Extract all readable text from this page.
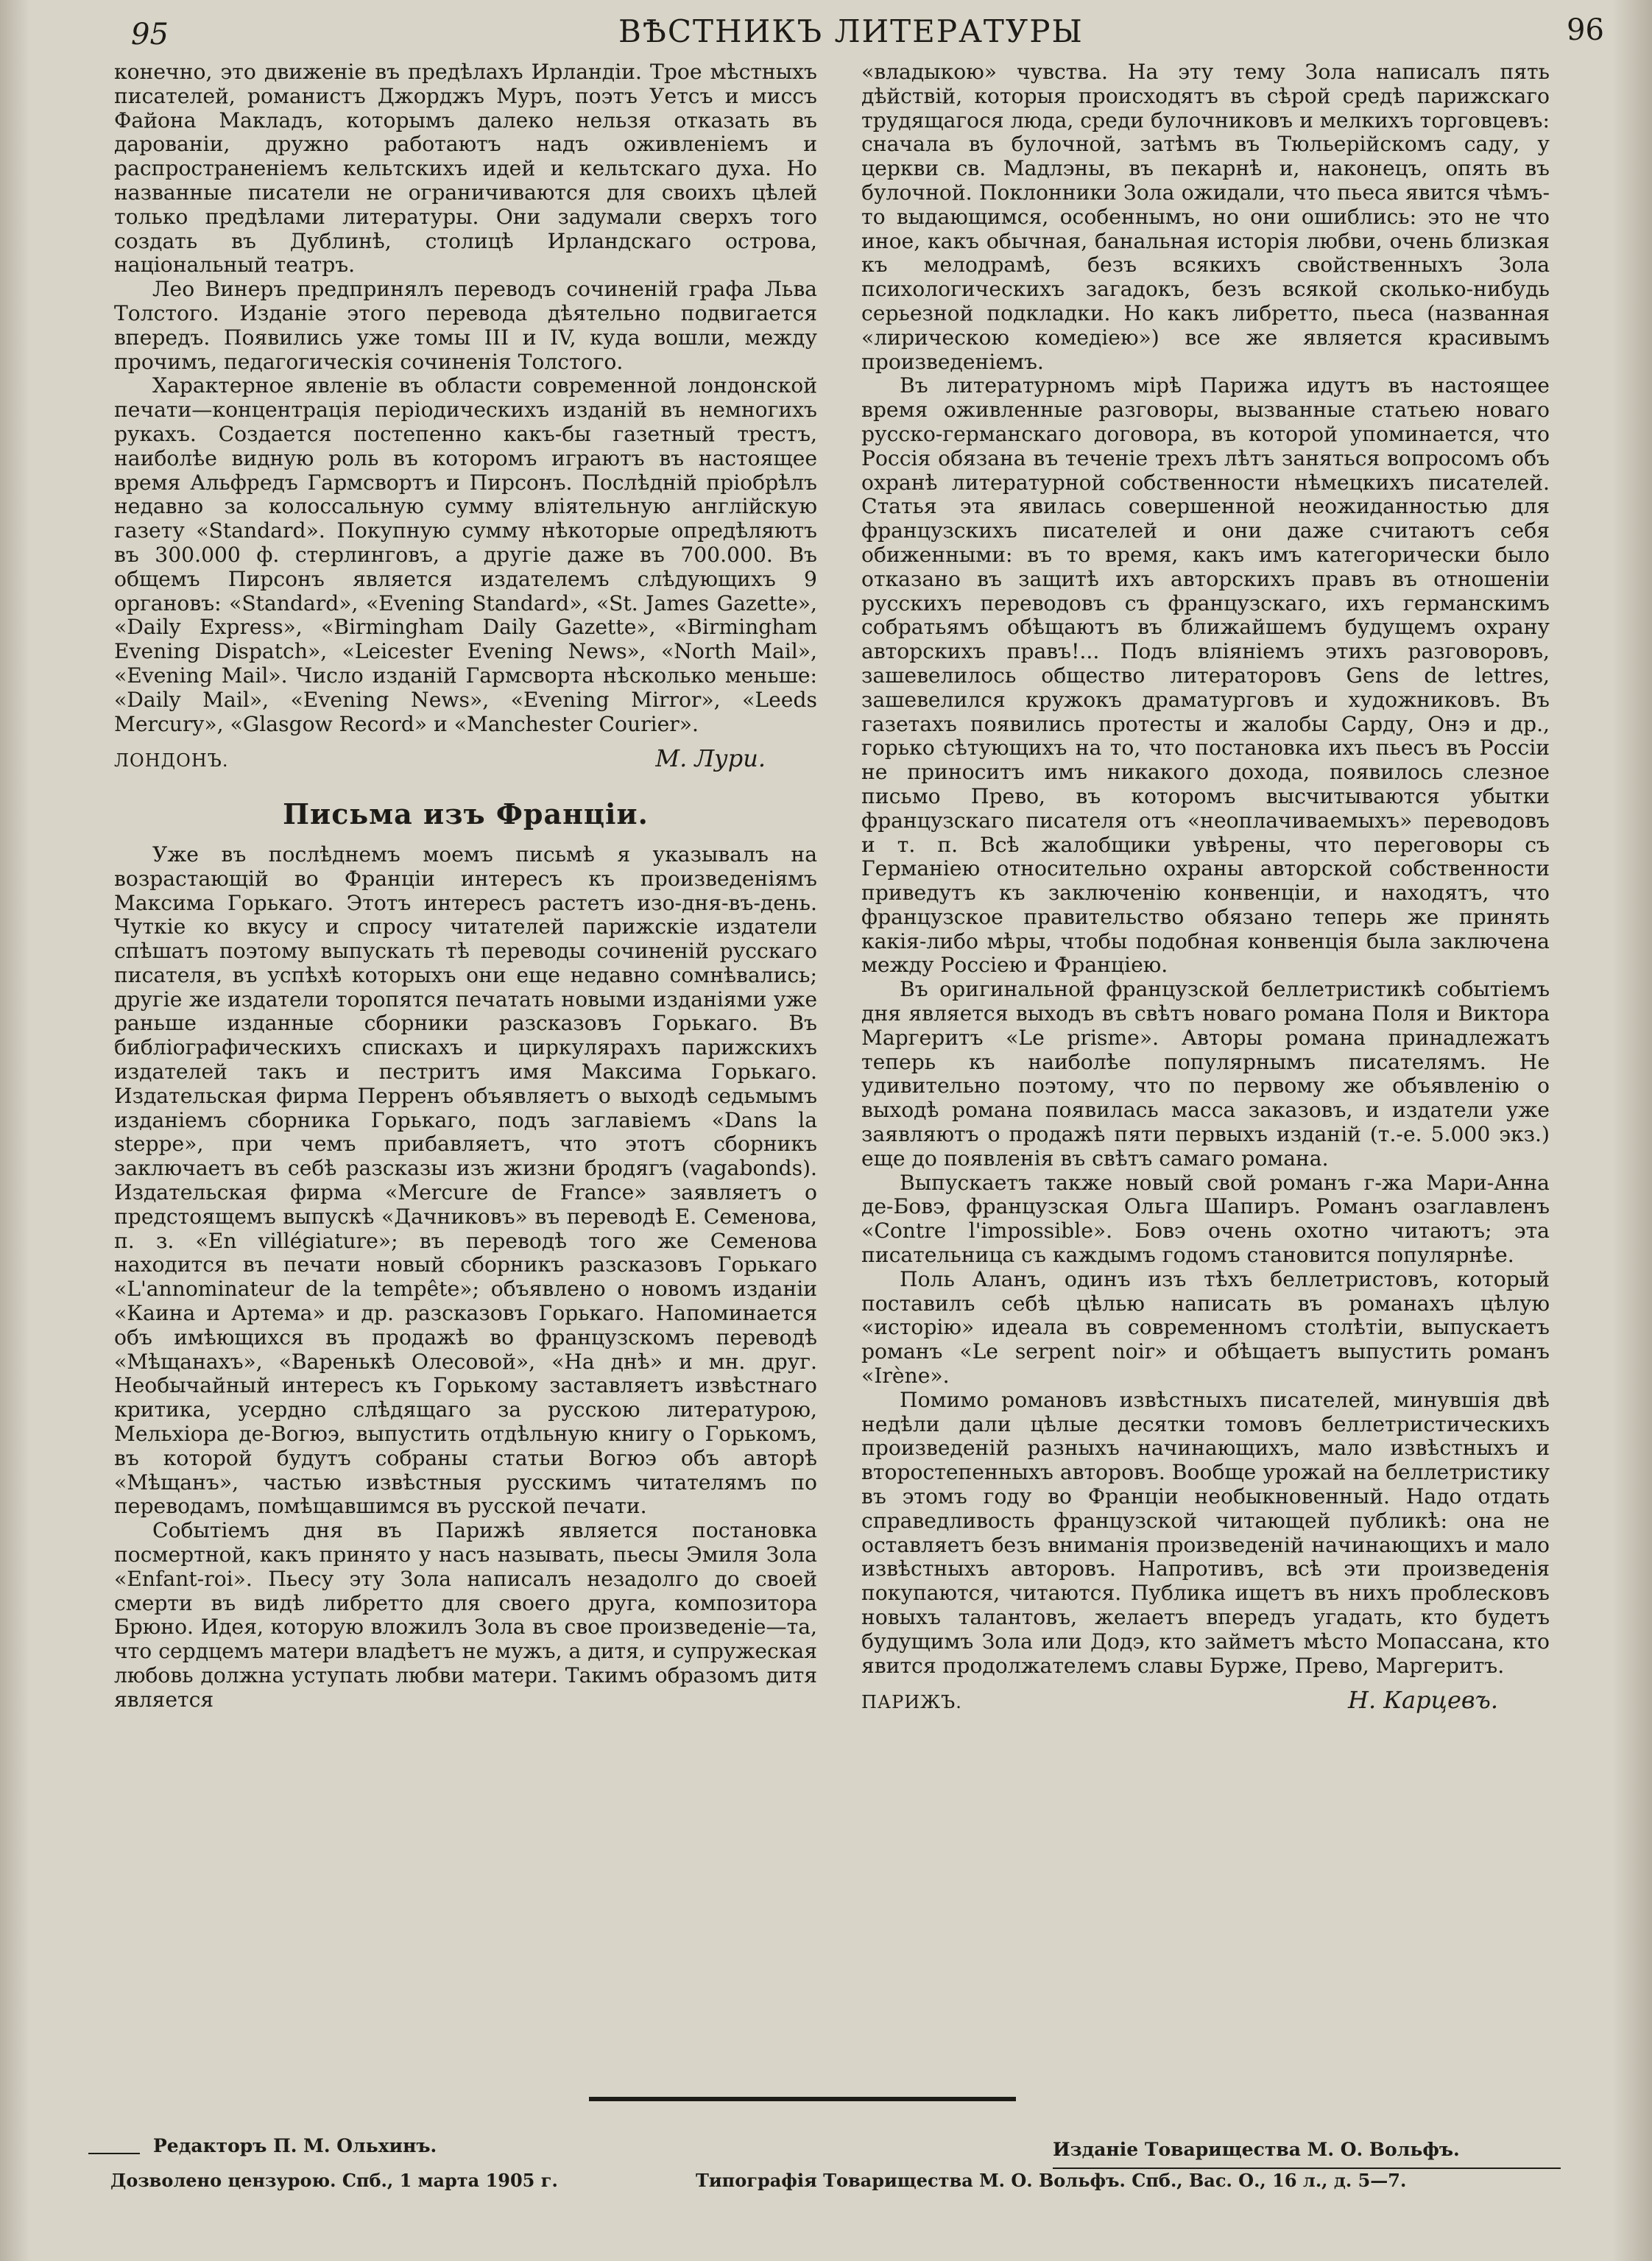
95	ВѢСТНИКЪ ЛИТЕРАТУРЫ	96

конечно, это движеніе въ предѣлахъ Ирландіи. Трое мѣстныхъ писателей, романистъ Джорджъ Муръ, поэтъ Уетсъ и миссъ Файона Макладъ, которымъ далеко нельзя отказать въ дарованіи, дружно работаютъ надъ оживленіемъ и распространеніемъ кельтскихъ идей и кельтскаго духа. Но названные писатели не ограничиваются для своихъ цѣлей только предѣлами литературы. Они задумали сверхъ того создать въ Дублинѣ, столицѣ Ирландскаго острова, національный театръ.

Лео Винеръ предпринялъ переводъ сочиненій графа Льва Толстого. Изданіе этого перевода дѣятельно подвигается впередъ. Появились уже томы III и IV, куда вошли, между прочимъ, педагогическія сочиненія Толстого.

Характерное явленіе въ области современной лондонской печати—концентрація періодическихъ изданій въ немногихъ рукахъ. Создается постепенно какъ-бы газетный трестъ, наиболѣе видную роль въ которомъ играютъ въ настоящее время Альфредъ Гармсвортъ и Пирсонъ. Послѣдній пріобрѣлъ недавно за колоссальную сумму вліятельную англійскую газету «Standard». Покупную сумму нѣкоторые опредѣляютъ въ 300.000 ф. стерлинговъ, а другіе даже въ 700.000. Въ общемъ Пирсонъ является издателемъ слѣдующихъ 9 органовъ: «Standard», «Evening Standard», «St. James Gazette», «Daily Express», «Birmingham Daily Gazette», «Birmingham Evening Dispatch», «Leicester Evening News», «North Mail», «Evening Mail». Число изданій Гармсворта нѣсколько меньше: «Daily Mail», «Evening News», «Evening Mirror», «Leeds Mercury», «Glasgow Record» и «Manchester Courier».

ЛОНДОНЪ.	М. Лури.
Письма изъ Франціи.

Уже въ послѣднемъ моемъ письмѣ я указывалъ на возрастающій во Франціи интересъ къ произведеніямъ Максима Горькаго. Этотъ интересъ растетъ изо-дня-въ-день. Чуткіе ко вкусу и спросу читателей парижскіе издатели спѣшатъ поэтому выпускать тѣ переводы сочиненій русскаго писателя, въ успѣхѣ которыхъ они еще недавно сомнѣвались; другіе же издатели торопятся печатать новыми изданіями уже раньше изданные сборники разсказовъ Горькаго. Въ библіографическихъ спискахъ и циркулярахъ парижскихъ издателей такъ и пестритъ имя Максима Горькаго. Издательская фирма Перренъ объявляетъ о выходѣ седьмымъ изданіемъ сборника Горькаго, подъ заглавіемъ «Dans la steppe», при чемъ прибавляетъ, что этотъ сборникъ заключаетъ въ себѣ разсказы изъ жизни бродягъ (vagabonds). Издательская фирма «Mercure de France» заявляетъ о предстоящемъ выпускѣ «Дачниковъ» въ переводѣ Е. Семенова, п. з. «En villégiature»; въ переводѣ того же Семенова находится въ печати новый сборникъ разсказовъ Горькаго «L'annominateur de la tempête»; объявлено о новомъ изданіи «Каина и Артема» и др. разсказовъ Горькаго. Напоминается объ имѣющихся въ продажѣ во французскомъ переводѣ «Мѣщанахъ», «Варенькѣ Олесовой», «На днѣ» и мн. друг. Необычайный интересъ къ Горькому заставляетъ извѣстнаго критика, усердно слѣдящаго за русскою литературою, Мельхіора де-Вогюэ, выпустить отдѣльную книгу о Горькомъ, въ которой будутъ собраны статьи Вогюэ объ авторѣ «Мѣщанъ», частью извѣстныя русскимъ читателямъ по переводамъ, помѣщавшимся въ русской печати.

Событіемъ дня въ Парижѣ является постановка посмертной, какъ принято у насъ называть, пьесы Эмиля Зола «Enfant-roi». Пьесу эту Зола написалъ незадолго до своей смерти въ видѣ либретто для своего друга, композитора Брюно. Идея, которую вложилъ Зола въ свое произведеніе—та, что сердцемъ матери владѣетъ не мужъ, а дитя, и супружеская любовь должна уступать любви матери. Такимъ образомъ дитя является

«владыкою» чувства. На эту тему Зола написалъ пять дѣйствій, которыя происходятъ въ сѣрой средѣ парижскаго трудящагося люда, среди булочниковъ и мелкихъ торговцевъ: сначала въ булочной, затѣмъ въ Тюльерійскомъ саду, у церкви св. Мадлэны, въ пекарнѣ и, наконецъ, опять въ булочной. Поклонники Зола ожидали, что пьеса явится чѣмъ-то выдающимся, особеннымъ, но они ошиблись: это не что иное, какъ обычная, банальная исторія любви, очень близкая къ мелодрамѣ, безъ всякихъ свойственныхъ Зола психологическихъ загадокъ, безъ всякой сколько-нибудь серьезной подкладки. Но какъ либретто, пьеса (названная «лирическою комедіею») все же является красивымъ произведеніемъ.

Въ литературномъ мірѣ Парижа идутъ въ настоящее время оживленные разговоры, вызванные статьею новаго русско-германскаго договора, въ которой упоминается, что Россія обязана въ теченіе трехъ лѣтъ заняться вопросомъ объ охранѣ литературной собственности нѣмецкихъ писателей. Статья эта явилась совершенной неожиданностью для французскихъ писателей и они даже считаютъ себя обиженными: въ то время, какъ имъ категорически было отказано въ защитѣ ихъ авторскихъ правъ въ отношеніи русскихъ переводовъ съ французскаго, ихъ германскимъ собратьямъ обѣщаютъ въ ближайшемъ будущемъ охрану авторскихъ правъ!... Подъ вліяніемъ этихъ разговоровъ, зашевелилось общество литераторовъ Gens de lettres, зашевелился кружокъ драматурговъ и художниковъ. Въ газетахъ появились протесты и жалобы Сарду, Онэ и др., горько сѣтующихъ на то, что постановка ихъ пьесъ въ Россіи не приноситъ имъ никакого дохода, появилось слезное письмо Прево, въ которомъ высчитываются убытки французскаго писателя отъ «неоплачиваемыхъ» переводовъ и т. п. Всѣ жалобщики увѣрены, что переговоры съ Германіею относительно охраны авторской собственности приведутъ къ заключенію конвенціи, и находятъ, что французское правительство обязано теперь же принять какія-либо мѣры, чтобы подобная конвенція была заключена между Россіею и Франціею.

Въ оригинальной французской беллетристикѣ событіемъ дня является выходъ въ свѣтъ новаго романа Поля и Виктора Маргеритъ «Le prisme». Авторы романа принадлежатъ теперь къ наиболѣе популярнымъ писателямъ. Не удивительно поэтому, что по первому же объявленію о выходѣ романа появилась масса заказовъ, и издатели уже заявляютъ о продажѣ пяти первыхъ изданій (т.-е. 5.000 экз.) еще до появленія въ свѣтъ самаго романа.

Выпускаетъ также новый свой романъ г-жа Мари-Анна де-Бовэ, французская Ольга Шапиръ. Романъ озаглавленъ «Contre l'impossible». Бовэ очень охотно читаютъ; эта писательница съ каждымъ годомъ становится популярнѣе.

Поль Аланъ, одинъ изъ тѣхъ беллетристовъ, который поставилъ себѣ цѣлью написать въ романахъ цѣлую «исторію» идеала въ современномъ столѣтіи, выпускаетъ романъ «Le serpent noir» и обѣщаетъ выпустить романъ «Irène».

Помимо романовъ извѣстныхъ писателей, минувшія двѣ недѣли дали цѣлые десятки томовъ беллетристическихъ произведеній разныхъ начинающихъ, мало извѣстныхъ и второстепенныхъ авторовъ. Вообще урожай на беллетристику въ этомъ году во Франціи необыкновенный. Надо отдать справедливость французской читающей публикѣ: она не оставляетъ безъ вниманія произведеній начинающихъ и мало извѣстныхъ авторовъ. Напротивъ, всѣ эти произведенія покупаются, читаются. Публика ищетъ въ нихъ проблесковъ новыхъ талантовъ, желаетъ впередъ угадать, кто будетъ будущимъ Зола или Додэ, кто займетъ мѣсто Мопассана, кто явится продолжателемъ славы Бурже, Прево, Маргеритъ.

ПАРИЖЪ.	Н. Карцевъ.
Редакторъ П. М. Ольхинъ.	Изданіе Товарищества М. О. Вольфъ.
Дозволено цензурою. Спб., 1 марта 1905 г.	Типографія Товарищества М. О. Вольфъ. Спб., Вас. О., 16 л., д. 5—7.
